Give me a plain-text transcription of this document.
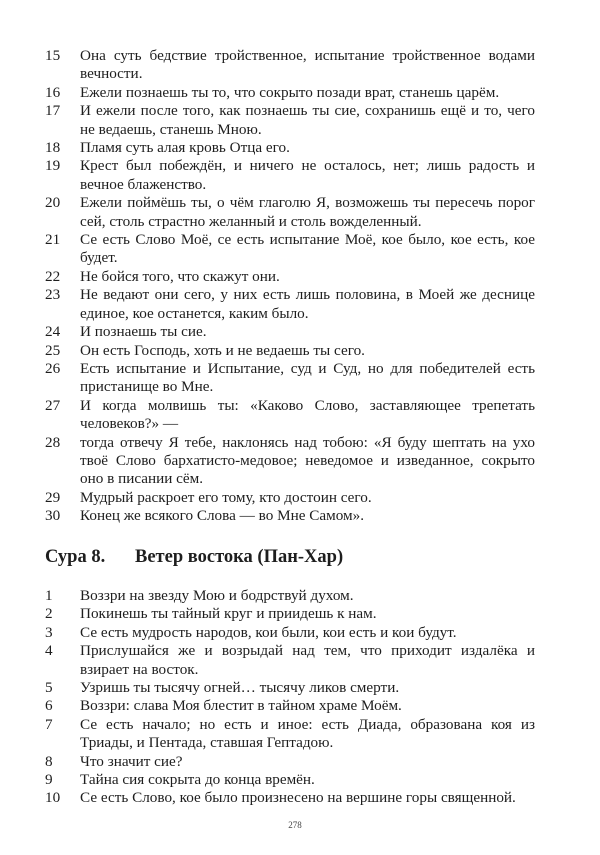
15	Она суть бедствие тройственное, испытание тройственное водами вечности.
16	Ежели познаешь ты то, что сокрыто позади врат, станешь царём.
17	И ежели после того, как познаешь ты сие, сохранишь ещё и то, чего не ведаешь, станешь Мною.
18	Пламя суть алая кровь Отца его.
19	Крест был побеждён, и ничего не осталось, нет; лишь радость и вечное блаженство.
20	Ежели поймёшь ты, о чём глаголю Я, возможешь ты пересечь порог сей, столь страстно желанный и столь вожделенный.
21	Се есть Слово Моё, се есть испытание Моё, кое было, кое есть, кое будет.
22	Не бойся того, что скажут они.
23	Не ведают они сего, у них есть лишь половина, в Моей же деснице единое, кое останется, каким было.
24	И познаешь ты сие.
25	Он есть Господь, хоть и не ведаешь ты сего.
26	Есть испытание и Испытание, суд и Суд, но для победителей есть пристанище во Мне.
27	И когда молвишь ты: «Каково Слово, заставляющее трепетать человеков?» —
28	тогда отвечу Я тебе, наклонясь над тобою: «Я буду шептать на ухо твоё Слово бархатисто-медовое; неведомое и изведанное, сокрыто оно в писании сём.
29	Мудрый раскроет его тому, кто достоин сего.
30	Конец же всякого Слова — во Мне Самом».
Сура 8.	Ветер востока (Пан-Хар)
1	Воззри на звезду Мою и бодрствуй духом.
2	Покинешь ты тайный круг и приидешь к нам.
3	Се есть мудрость народов, кои были, кои есть и кои будут.
4	Прислушайся же и возрыдай над тем, что приходит издалёка и взирает на восток.
5	Узришь ты тысячу огней… тысячу ликов смерти.
6	Воззри: слава Моя блестит в тайном храме Моём.
7	Се есть начало; но есть и иное: есть Диада, образована коя из Триады, и Пентада, ставшая Гептадою.
8	Что значит сие?
9	Тайна сия сокрыта до конца времён.
10	Се есть Слово, кое было произнесено на вершине горы священной.
278
